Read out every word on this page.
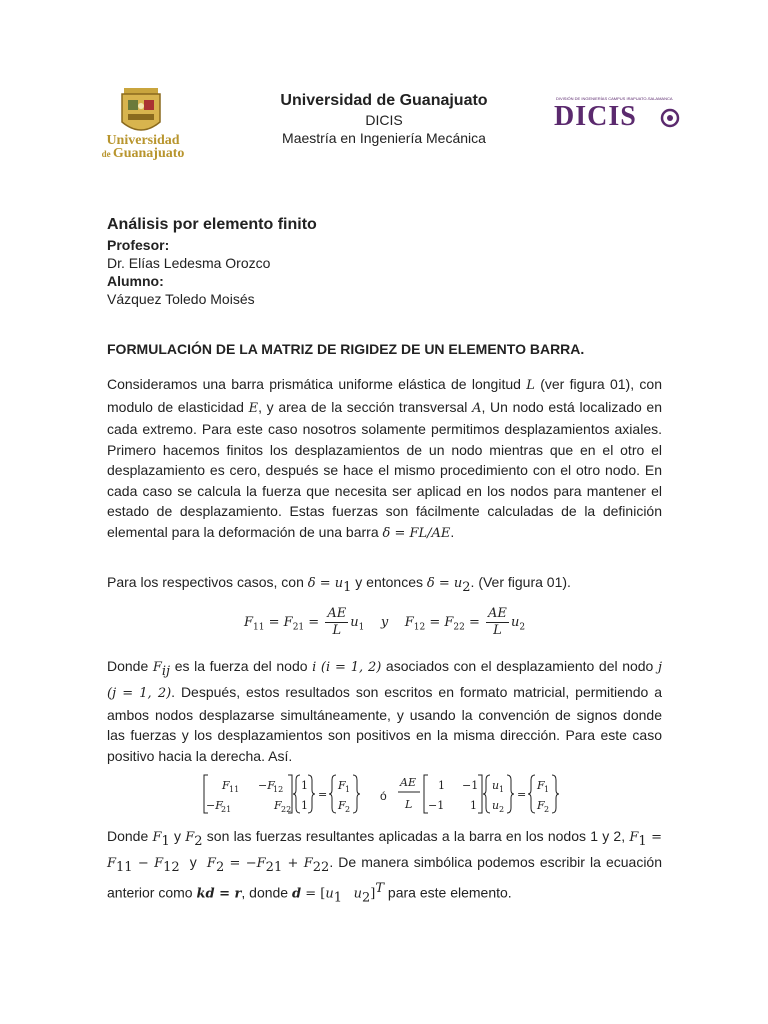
Universidad
de Guanajuato
DIVISIÓN DE INGENIERÍAS CAMPUS IRAPUATO-SALAMANCA
DICIS
Universidad de Guanajuato
DICIS
Maestría en Ingeniería Mecánica
Análisis por elemento finito
Profesor:
Dr. Elías Ledesma Orozco
Alumno:
Vázquez Toledo Moisés
FORMULACIÓN DE LA MATRIZ DE RIGIDEZ DE UN ELEMENTO BARRA.
Consideramos una barra prismática uniforme elástica de longitud L (ver figura 01), con modulo de elasticidad E, y area de la sección transversal A, Un nodo está localizado en cada extremo. Para este caso nosotros solamente permitimos desplazamientos axiales. Primero hacemos finitos los desplazamientos de un nodo mientras que en el otro el desplazamiento es cero, después se hace el mismo procedimiento con el otro nodo. En cada caso se calcula la fuerza que necesita ser aplicad en los nodos para mantener el estado de desplazamiento. Estas fuerzas son fácilmente calculadas de la definición elemental para la deformación de una barra δ = FL/AE.
Para los respectivos casos, con $\delta = u_1$ y entonces $\delta = u_2$. (Ver figura 01).
$F_{11} = F_{21} = \frac{AE}{L} u_1$ y $F_{12} = F_{22} = \frac{AE}{L} u_2$
Donde $F_{ij}$ es la fuerza del nodo i (i = 1, 2) asociados con el desplazamiento del nodo j (j = 1, 2). Después, estos resultados son escritos en formato matricial, permitiendo a ambos nodos desplazarse simultáneamente, y usando la convención de signos donde las fuerzas y los desplazamientos son positivos en la misma dirección. Para este caso positivo hacia la derecha. Así.
F 11 −F
12
−F
21	F 22
1
1
=
F 1
F 2
ó
AE
L
1 −1
−1 1
u 1
u 2
=
F 1
F 2
Donde $F_1$ y $F_2$ son las fuerzas resultantes aplicadas a la barra en los nodos 1 y 2, $F_1 = F_{11} - F_{12}$  y  $F_2 = -F_{21} + F_{22}$. De manera simbólica podemos escribir la ecuación anterior como kd = r, donde $d = [u_1$ $u_2]^T$ para este elemento.
